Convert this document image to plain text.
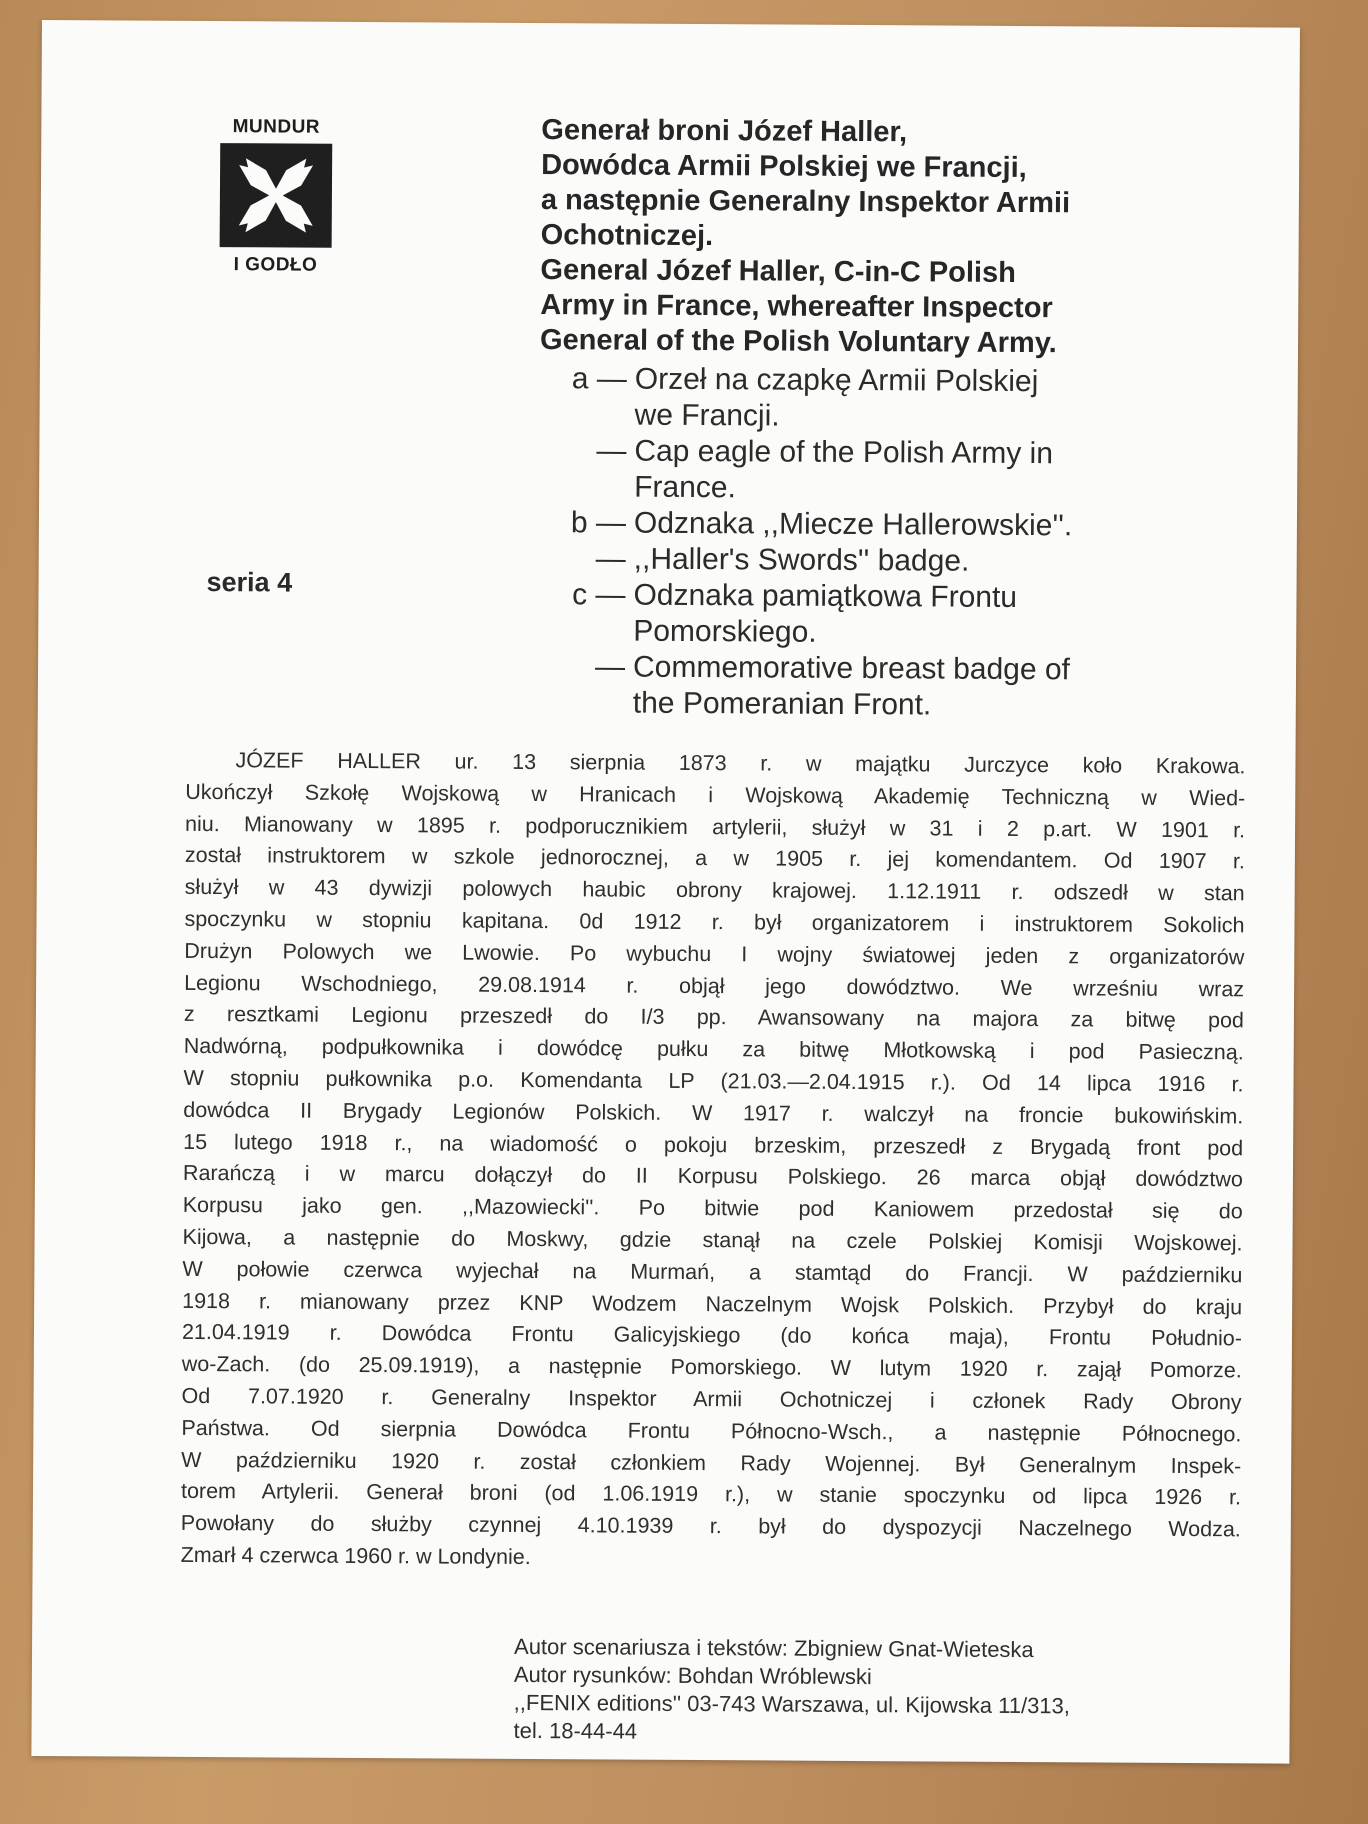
MUNDUR
I GODŁO
seria 4
Generał broni Józef Haller,
Dowódca Armii Polskiej we Francji,
a następnie Generalny Inspektor Armii
Ochotniczej.
General Józef Haller, C-in-C Polish
Army in France, whereafter Inspector
General of the Polish Voluntary Army.
a — Orzeł na czapkę Armii Polskiej
we Francji.
— Cap eagle of the Polish Army in
France.
b — Odznaka ,,Miecze Hallerowskie''.
— ,,Haller's Swords'' badge.
c — Odznaka pamiątkowa Frontu
Pomorskiego.
— Commemorative breast badge of
the Pomeranian Front.
JÓZEF HALLER ur. 13 sierpnia 1873 r. w majątku Jurczyce koło Krakowa.
Ukończył Szkołę Wojskową w Hranicach i Wojskową Akademię Techniczną w Wied-
niu. Mianowany w 1895 r. podporucznikiem artylerii, służył w 31 i 2 p.art. W 1901 r.
został instruktorem w szkole jednorocznej, a w 1905 r. jej komendantem. Od 1907 r.
służył w 43 dywizji polowych haubic obrony krajowej. 1.12.1911 r. odszedł w stan
spoczynku w stopniu kapitana. 0d 1912 r. był organizatorem i instruktorem Sokolich
Drużyn Polowych we Lwowie. Po wybuchu I wojny światowej jeden z organizatorów
Legionu Wschodniego, 29.08.1914 r. objął jego dowództwo. We wrześniu wraz
z resztkami Legionu przeszedł do I/3 pp. Awansowany na majora za bitwę pod
Nadwórną, podpułkownika i dowódcę pułku za bitwę Młotkowską i pod Pasieczną.
W stopniu pułkownika p.o. Komendanta LP (21.03.—2.04.1915 r.). Od 14 lipca 1916 r.
dowódca II Brygady Legionów Polskich. W 1917 r. walczył na froncie bukowińskim.
15 lutego 1918 r., na wiadomość o pokoju brzeskim, przeszedł z Brygadą front pod
Rarańczą i w marcu dołączył do II Korpusu Polskiego. 26 marca objął dowództwo
Korpusu jako gen. ,,Mazowiecki''. Po bitwie pod Kaniowem przedostał się do
Kijowa, a następnie do Moskwy, gdzie stanął na czele Polskiej Komisji Wojskowej.
W połowie czerwca wyjechał na Murmań, a stamtąd do Francji. W październiku
1918 r. mianowany przez KNP Wodzem Naczelnym Wojsk Polskich. Przybył do kraju
21.04.1919 r. Dowódca Frontu Galicyjskiego (do końca maja), Frontu Południo-
wo-Zach. (do 25.09.1919), a następnie Pomorskiego. W lutym 1920 r. zajął Pomorze.
Od 7.07.1920 r. Generalny Inspektor Armii Ochotniczej i członek Rady Obrony
Państwa. Od sierpnia Dowódca Frontu Północno-Wsch., a następnie Północnego.
W październiku 1920 r. został członkiem Rady Wojennej. Był Generalnym Inspek-
torem Artylerii. Generał broni (od 1.06.1919 r.), w stanie spoczynku od lipca 1926 r.
Powołany do służby czynnej 4.10.1939 r. był do dyspozycji Naczelnego Wodza.
Zmarł 4 czerwca 1960 r. w Londynie.
Autor scenariusza i tekstów: Zbigniew Gnat-Wieteska
Autor rysunków: Bohdan Wróblewski
,,FENIX editions'' 03-743 Warszawa, ul. Kijowska 11/313,
tel. 18-44-44
